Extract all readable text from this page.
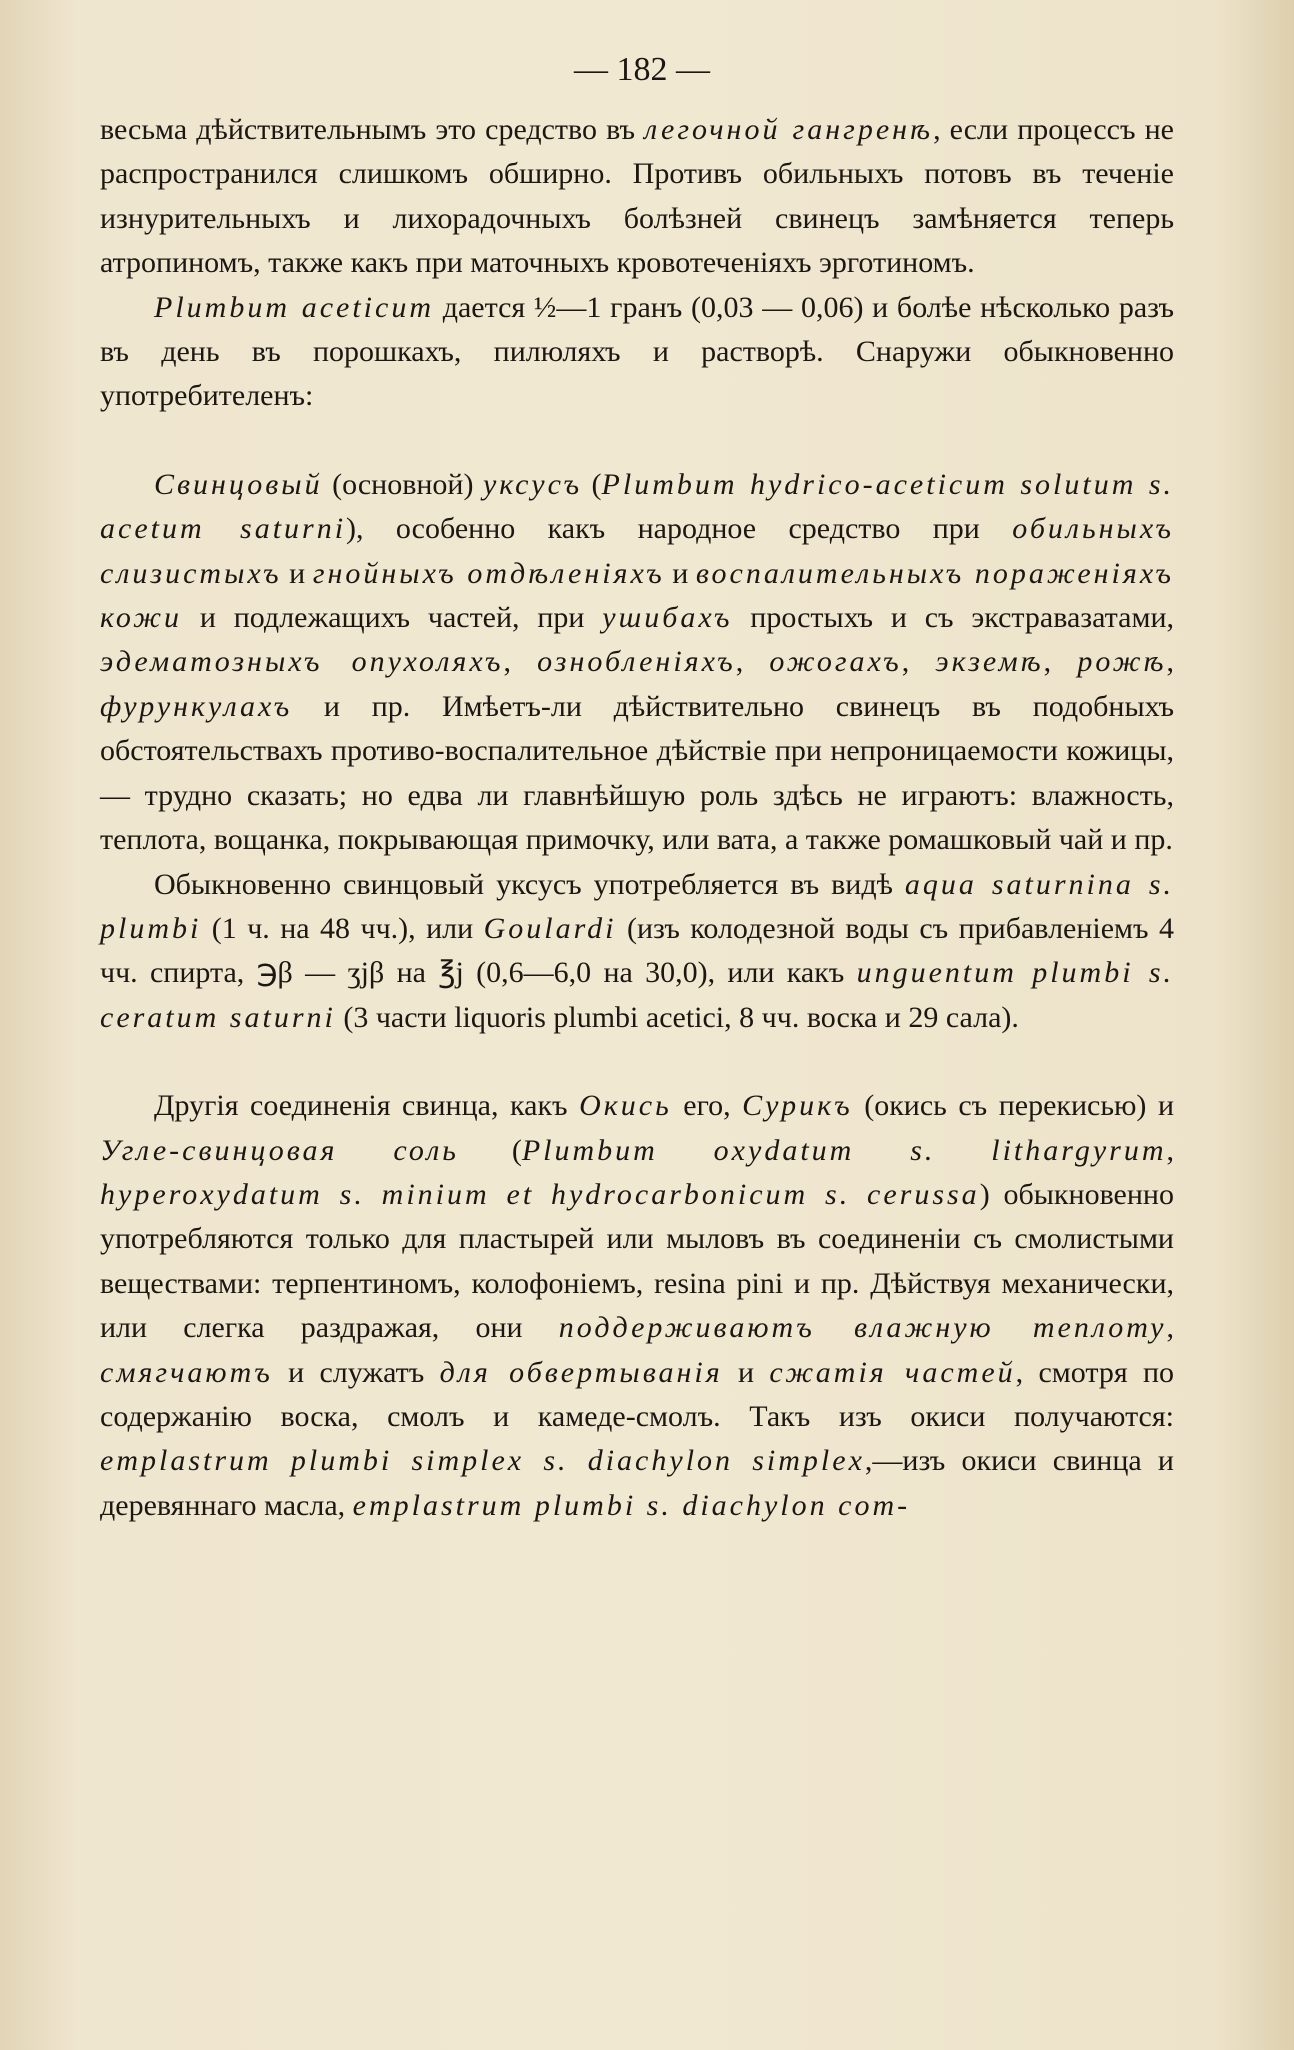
— 182 —

весьма дѣйствительнымъ это средство въ легочной гангренѣ, если процессъ не распространился слишкомъ обширно. Противъ обильныхъ потовъ въ теченіе изнурительныхъ и лихорадочныхъ болѣзней свинецъ замѣняется теперь атропиномъ, также какъ при маточныхъ кровотеченіяхъ эрготиномъ.

Plumbum aceticum дается ½—1 гранъ (0,03 — 0,06) и болѣе нѣсколько разъ въ день въ порошкахъ, пилюляхъ и растворѣ. Снаружи обыкновенно употребителенъ:

Свинцовый (основной) уксусъ (Plumbum hydrico-aceticum solutum s. acetum saturni), особенно какъ народное средство при обильныхъ слизистыхъ и гнойныхъ отдѣленіяхъ и воспалительныхъ пораженіяхъ кожи и подлежащихъ частей, при ушибахъ простыхъ и съ экстравазатами, эдематозныхъ опухоляхъ, ознобленіяхъ, ожогахъ, экземѣ, рожѣ, фурункулахъ и пр. Имѣетъ-ли дѣйствительно свинецъ въ подобныхъ обстоятельствахъ противо-воспалительное дѣйствіе при непроницаемости кожицы, — трудно сказать; но едва ли главнѣйшую роль здѣсь не играютъ: влажность, теплота, вощанка, покрывающая примочку, или вата, а также ромашковый чай и пр.

Обыкновенно свинцовый уксусъ употребляется въ видѣ aqua saturnina s. plumbi (1 ч. на 48 чч.), или Goulardi (изъ колодезной воды съ прибавленіемъ 4 чч. спирта, ℈β — ʒjβ на ℥j (0,6—6,0 на 30,0), или какъ unguentum plumbi s. ceratum saturni (3 части liquoris plumbi acetici, 8 чч. воска и 29 сала).

Другія соединенія свинца, какъ Окись его, Сурикъ (окись съ перекисью) и Угле-свинцовая соль (Plumbum oxydatum s. lithargyrum, hyperoxydatum s. minium et hydrocarbonicum s. cerussa) обыкновенно употребляются только для пластырей или мыловъ въ соединеніи съ смолистыми веществами: терпентиномъ, колофоніемъ, resina pini и пр. Дѣйствуя механически, или слегка раздражая, они поддерживаютъ влажную теплоту, смягчаютъ и служатъ для обвертыванія и сжатія частей, смотря по содержанію воска, смолъ и камеде-смолъ. Такъ изъ окиси получаются: emplastrum plumbi simplex s. diachylon simplex,—изъ окиси свинца и деревяннаго масла, emplastrum plumbi s. diachylon com-
